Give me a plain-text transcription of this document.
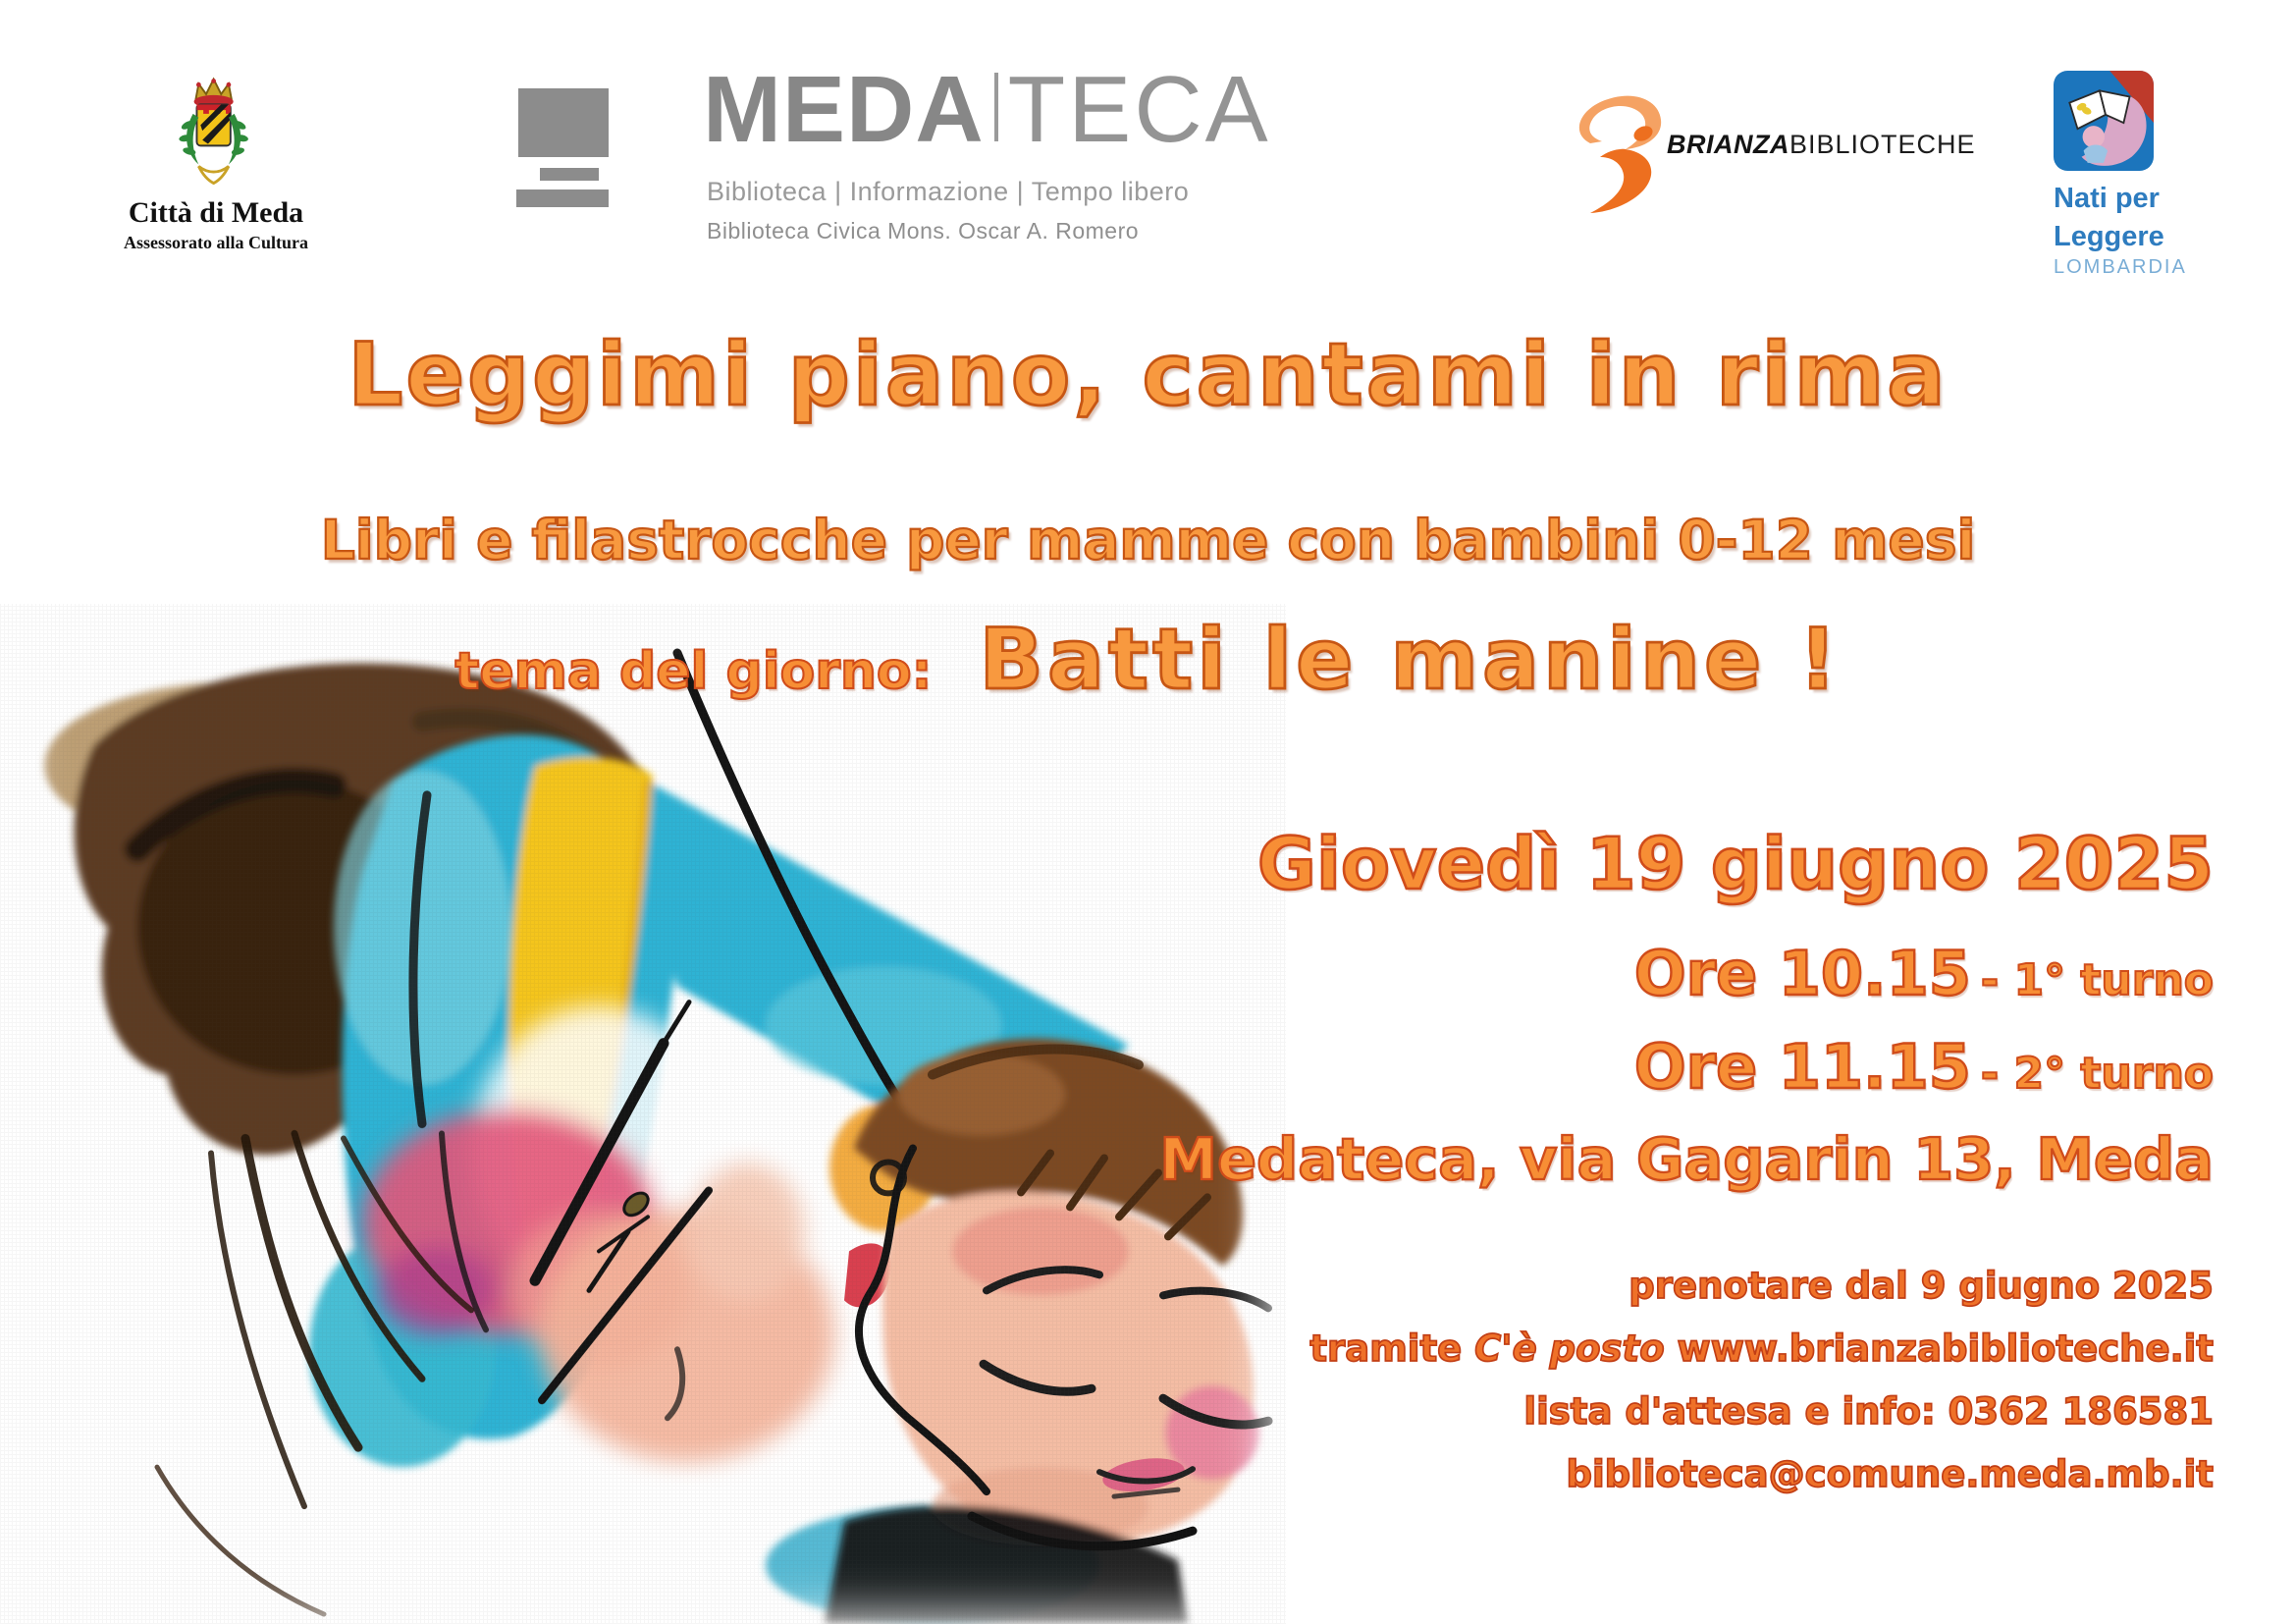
Città di Meda
Assessorato alla Cultura
MEDA TECA
Biblioteca | Informazione | Tempo libero
Biblioteca Civica Mons. Oscar A. Romero
BRIANZABIBLIOTECHE
Nati per
Leggere
LOMBARDIA
Leggimi piano, cantami in rima
Libri e filastrocche per mamme con bambini 0-12 mesi
tema del giorno: Batti le manine !
Giovedì 19 giugno 2025
Ore 10.15 - 1° turno
Ore 11.15 - 2° turno
Medateca, via Gagarin 13, Meda
prenotare dal 9 giugno 2025
tramite C'è posto www.brianzabiblioteche.it
lista d'attesa e info: 0362 186581
biblioteca@comune.meda.mb.it
